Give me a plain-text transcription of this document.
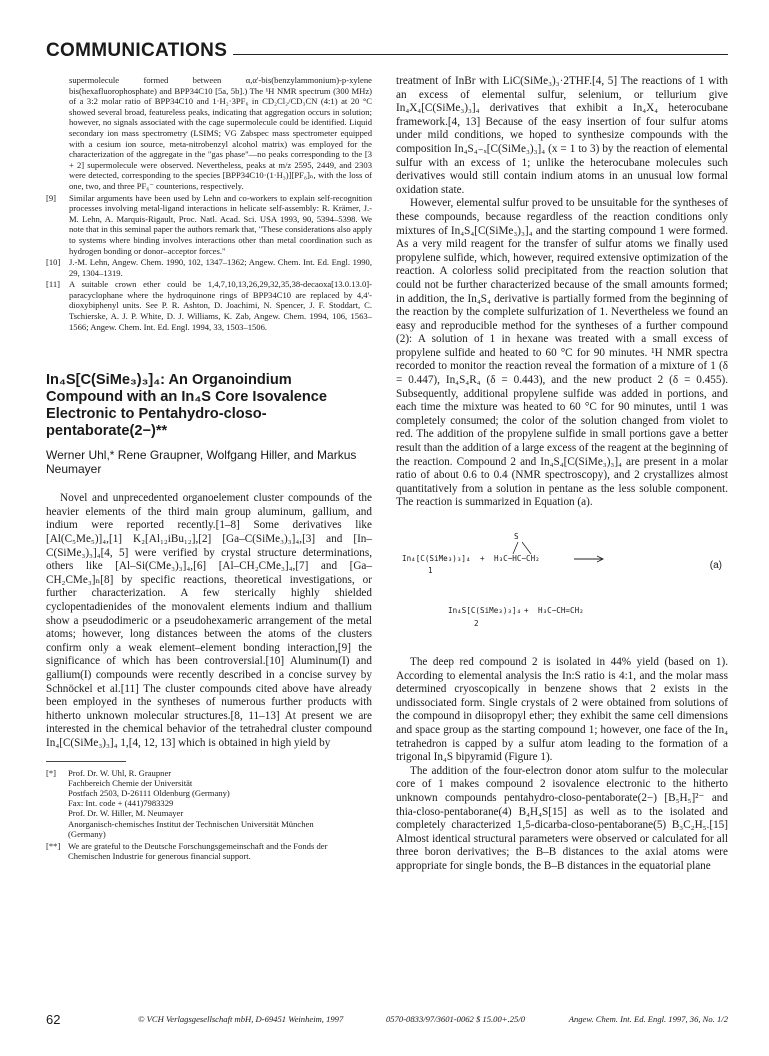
COMMUNICATIONS
supermolecule formed between α,α'-bis(benzylammonium)-p-xylene bis(hexafluorophosphate) and BPP34C10 [5a, 5b].) The ¹H NMR spectrum (300 MHz) of a 3:2 molar ratio of BPP34C10 and 1·H₂·3PF₆ in CD₂Cl₂/CD₃CN (4:1) at 20 °C showed several broad, featureless peaks, indicating that aggregation occurs in solution; however, no signals associated with the cage supermolecule could be identified. Liquid secondary ion mass spectrometry (LSIMS; VG Zabspec mass spectrometer equipped with a cesium ion source, meta-nitrobenzyl alcohol matrix) was employed for the characterization of the aggregate in the "gas phase"—no peaks corresponding to the [3 + 2] supermolecule were observed. Nevertheless, peaks at m/z 2595, 2449, and 2303 were detected, corresponding to the species [BPP34C10·(1·H₃)][PF₆]ₙ, with the loss of one, two, and three PF₆⁻ counterions, respectively.
[9] Similar arguments have been used by Lehn and co-workers to explain self-recognition processes involving metal-ligand interactions in helicate self-assembly: R. Krämer, J.-M. Lehn, A. Marquis-Rigault, Proc. Natl. Acad. Sci. USA 1993, 90, 5394–5398. We note that in this seminal paper the authors remark that, "These considerations also apply to systems where binding involves interactions other than metal coordination such as hydrogen bonding or donor–acceptor forces."
[10] J.-M. Lehn, Angew. Chem. 1990, 102, 1347–1362; Angew. Chem. Int. Ed. Engl. 1990, 29, 1304–1319.
[11] A suitable crown ether could be 1,4,7,10,13,26,29,32,35,38-decaoxa[13.0.13.0]-paracyclophane where the hydroquinone rings of BPP34C10 are replaced by 4,4'-dioxybiphenyl units. See P. R. Ashton, D. Joachimi, N. Spencer, J. F. Stoddart, C. Tschierske, A. J. P. White, D. J. Williams, K. Zab, Angew. Chem. 1994, 106, 1563–1566; Angew. Chem. Int. Ed. Engl. 1994, 33, 1503–1506.
In₄S[C(SiMe₃)₃]₄: An Organoindium Compound with an In₄S Core Isovalence Electronic to Pentahydro-closo-pentaborate(2−)**
Werner Uhl,* Rene Graupner, Wolfgang Hiller, and Markus Neumayer

Novel and unprecedented organoelement cluster compounds of the heavier elements of the third main group aluminum, gallium, and indium were reported recently.[1–8] Some derivatives like [Al(C₅Me₅)]₄,[1] K₂[Al₁₂iBu₁₂],[2] [Ga–C(SiMe₃)₃]₄,[3] and [In–C(SiMe₃)₃]₄[4, 5] were verified by crystal structure determinations, others like [Al–Si(CMe₃)₃]₄,[6] [Al–CH₂CMe₃]₄,[7] and [Ga–CH₂CMe₃]ₙ[8] by specific reactions, theoretical investigations, or further characterization. A few sterically highly shielded cyclopentadienides of the monovalent elements indium and thallium show a pseudodimeric or a pseudohexameric arrangement of the metal atoms; however, long distances between the atoms of the clusters confirm only a weak element–element bonding interaction,[9] the significance of which has been controversial.[10] Aluminum(I) and gallium(I) compounds were recently described in a concise survey by Schnöckel et al.[11] The cluster compounds cited above have already been employed in the syntheses of numerous further products with hitherto unknown molecular structures.[8, 11–13] At present we are interested in the chemical behavior of the tetrahedral cluster compound In₄[C(SiMe₃)₃]₄ 1,[4, 12, 13] which is obtained in high yield by

[*] Prof. Dr. W. Uhl, R. Graupner
Fachbereich Chemie der Universität
Postfach 2503, D-26111 Oldenburg (Germany)
Fax: Int. code + (441)7983329
Prof. Dr. W. Hiller, M. Neumayer
Anorganisch-chemisches Institut der Technischen Universität München
(Germany)
[**] We are grateful to the Deutsche Forschungsgemeinschaft and the Fonds der Chemischen Industrie for generous financial support.

treatment of InBr with LiC(SiMe₃)₃·2THF.[4, 5] The reactions of 1 with an excess of elemental sulfur, selenium, or tellurium give In₄X₄[C(SiMe₃)₃]₄ derivatives that exhibit a In₄X₄ heterocubane framework.[4, 13] Because of the easy insertion of four sulfur atoms under mild conditions, we hoped to synthesize compounds with the composition In₄S₄₋ₓ[C(SiMe₃)₃]₄ (x = 1 to 3) by the reaction of elemental sulfur with an excess of 1; unlike the heterocubane molecules such derivatives would still contain indium atoms in an unusual low formal oxidation state.

However, elemental sulfur proved to be unsuitable for the syntheses of these compounds, because regardless of the reaction conditions only mixtures of In₄S₄[C(SiMe₃)₃]₄ and the starting compound 1 were formed. As a very mild reagent for the transfer of sulfur atoms we finally used propylene sulfide, which, however, required extensive optimization of the reaction. A colorless solid precipitated from the reaction solution that could not be further characterized because of the small amounts formed; in addition, the In₄S₄ derivative is partially formed from the beginning of the reaction by the complete sulfurization of 1. Nevertheless we found an easy and reproducible method for the syntheses of a further compound (2): A solution of 1 in hexane was treated with a small excess of propylene sulfide and heated to 60 °C for 90 minutes. ¹H NMR spectra recorded to monitor the reaction reveal the formation of a mixture of 1 (δ = 0.447), In₄S₄R₄ (δ = 0.443), and the new product 2 (δ = 0.455). Subsequently, additional propylene sulfide was added in portions, and each time the mixture was heated to 60 °C for 90 minutes, until 1 was completely consumed; the color of the solution changed from violet to red. The addition of the propylene sulfide in small portions gave a better result than the addition of a large excess of the reagent at the beginning of the reaction. Compound 2 and In₄S₄[C(SiMe₃)₃]₄ are present in a molar ratio of about 0.6 to 0.4 (NMR spectroscopy), and 2 crystallizes almost quantitatively from a solution in pentane as the less soluble component. The reaction is summarized in Equation (a).

In₄[C(SiMe₃)₃]₄
1
+
S
H₃C−HC−CH₂
In₄S[C(SiMe₃)₃]₄
2
+ H₃C−CH=CH₂
(a)

The deep red compound 2 is isolated in 44% yield (based on 1). According to elemental analysis the In:S ratio is 4:1, and the molar mass determined cryoscopically in benzene shows that 2 exists in the undissociated form. Single crystals of 2 were obtained from solutions of the compound in diisopropyl ether; they exhibit the same cell dimensions and space group as the starting compound 1; however, one face of the In₄ tetrahedron is capped by a sulfur atom leading to the formation of a trigonal In₄S bipyramid (Figure 1).

The addition of the four-electron donor atom sulfur to the molecular core of 1 makes compound 2 isovalence electronic to the hitherto unknown compounds pentahydro-closo-pentaborate(2−) [B₅H₅]²⁻ and thia-closo-pentaborane(4) B₄H₄S[15] as well as to the isolated and completely characterized 1,5-dicarba-closo-pentaborane(5) B₃C₂H₅.[15] Almost identical structural parameters were observed or calculated for all three boron derivatives; the B–B distances to the axial atoms were appropriate for single bonds, the B–B distances in the equatorial plane

62	© VCH Verlagsgesellschaft mbH, D-69451 Weinheim, 1997	0570-0833/97/3601-0062 $ 15.00+.25/0	Angew. Chem. Int. Ed. Engl. 1997, 36, No. 1/2
